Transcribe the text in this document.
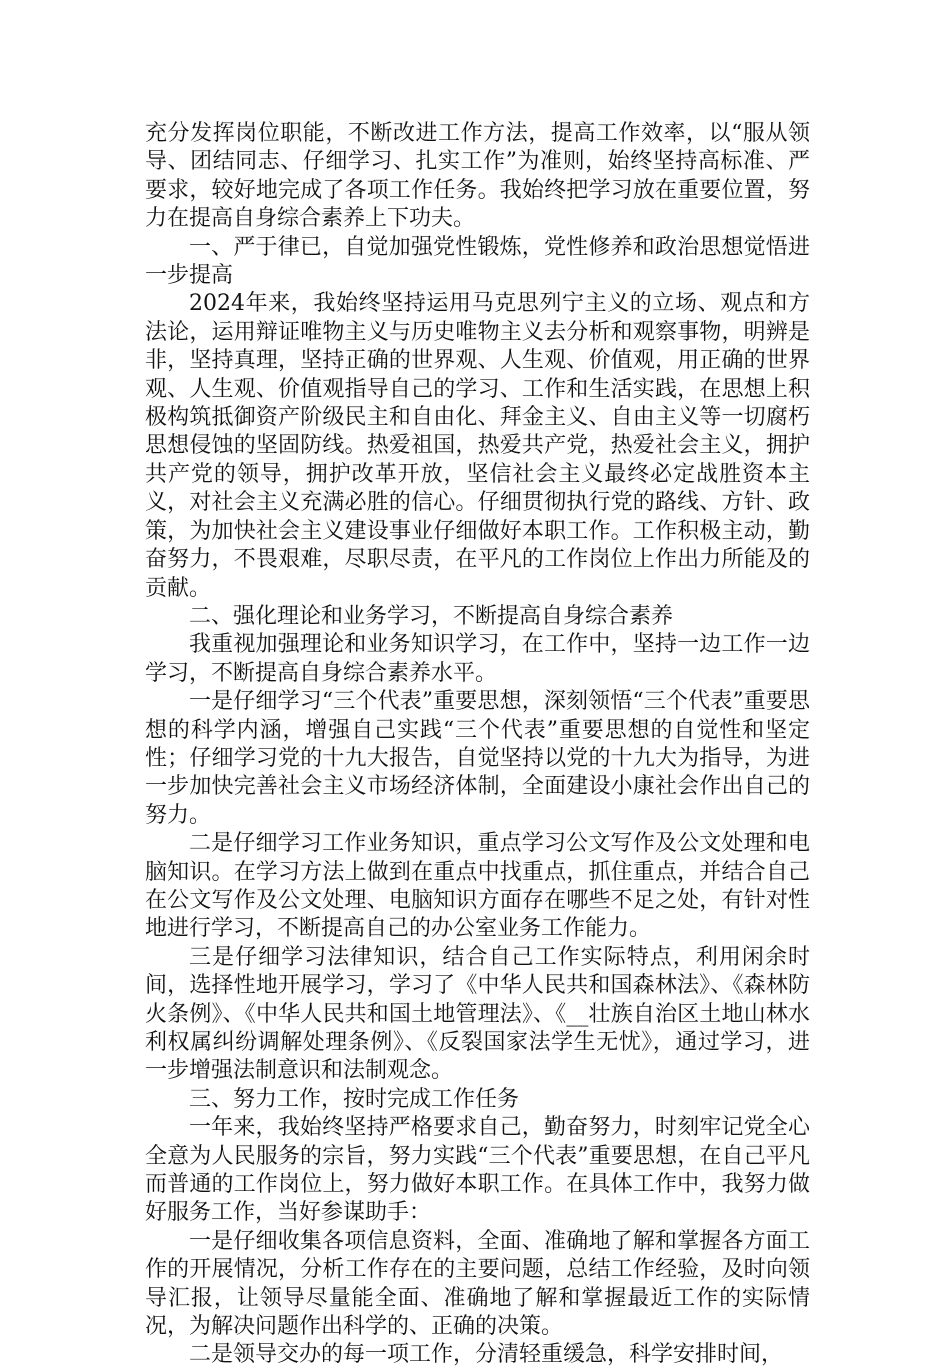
充分发挥岗位职能，不断改进工作方法，提高工作效率，以“服从领导、团结同志、仔细学习、扎实工作”为准则，始终坚持高标准、严要求，较好地完成了各项工作任务。我始终把学习放在重要位置，努力在提高自身综合素养上下功夫。

一、严于律已，自觉加强党性锻炼，党性修养和政治思想觉悟进一步提高

2024年来，我始终坚持运用马克思列宁主义的立场、观点和方法论，运用辩证唯物主义与历史唯物主义去分析和观察事物，明辨是非，坚持真理，坚持正确的世界观、人生观、价值观，用正确的世界观、人生观、价值观指导自己的学习、工作和生活实践，在思想上积极构筑抵御资产阶级民主和自由化、拜金主义、自由主义等一切腐朽思想侵蚀的坚固防线。热爱祖国，热爱共产党，热爱社会主义，拥护共产党的领导，拥护改革开放，坚信社会主义最终必定战胜资本主义，对社会主义充满必胜的信心。仔细贯彻执行党的路线、方针、政策，为加快社会主义建设事业仔细做好本职工作。工作积极主动，勤奋努力，不畏艰难，尽职尽责，在平凡的工作岗位上作出力所能及的贡献。

二、强化理论和业务学习，不断提高自身综合素养

我重视加强理论和业务知识学习，在工作中，坚持一边工作一边学习，不断提高自身综合素养水平。

一是仔细学习“三个代表”重要思想，深刻领悟“三个代表”重要思想的科学内涵，增强自己实践“三个代表”重要思想的自觉性和坚定性；仔细学习党的十九大报告，自觉坚持以党的十九大为指导，为进一步加快完善社会主义市场经济体制，全面建设小康社会作出自己的努力。

二是仔细学习工作业务知识，重点学习公文写作及公文处理和电脑知识。在学习方法上做到在重点中找重点，抓住重点，并结合自己在公文写作及公文处理、电脑知识方面存在哪些不足之处，有针对性地进行学习，不断提高自己的办公室业务工作能力。

三是仔细学习法律知识，结合自己工作实际特点，利用闲余时间，选择性地开展学习，学习了《中华人民共和国森林法》、《森林防火条例》、《中华人民共和国土地管理法》、《__壮族自治区土地山林水利权属纠纷调解处理条例》、《反裂国家法学生无忧》，通过学习，进一步增强法制意识和法制观念。

三、努力工作，按时完成工作任务

一年来，我始终坚持严格要求自己，勤奋努力，时刻牢记党全心全意为人民服务的宗旨，努力实践“三个代表”重要思想，在自己平凡而普通的工作岗位上，努力做好本职工作。在具体工作中，我努力做好服务工作，当好参谋助手：

一是仔细收集各项信息资料，全面、准确地了解和掌握各方面工作的开展情况，分析工作存在的主要问题，总结工作经验，及时向领导汇报，让领导尽量能全面、准确地了解和掌握最近工作的实际情况，为解决问题作出科学的、正确的决策。

二是领导交办的每一项工作，分清轻重缓急，科学安排时间，
